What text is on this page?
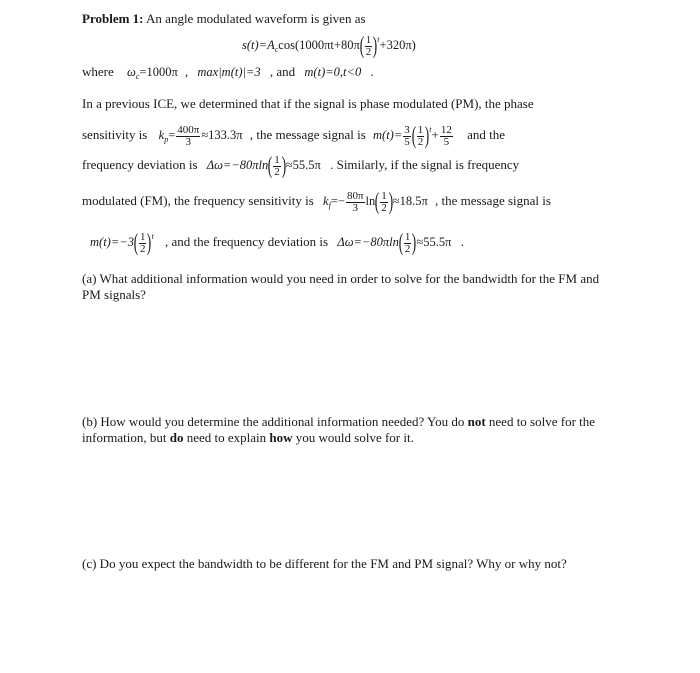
Problem 1: An angle modulated waveform is given as
$s(t)=A_c\cos(1000\pi t+80\pi( \frac{1}{2} )^t+320\pi)$
where $\omega_c=1000\pi$ , max|m(t)|=3 , and m(t)=0,t<0 .
In a previous ICE, we determined that if the signal is phase modulated (PM), the phase
sensitivity is $k_p= \frac{400\pi}{3} \approx 133.3\pi$ , the message signal is $m(t)= \frac{3}{5}$ ( $\frac{1}{2} )^t+ \frac{12}{5}$ and the
frequency deviation is $\Delta\omega=-80\pi\ln( \frac{1}{2} )\approx 55.5\pi$ . Similarly, if the signal is frequency
modulated (FM), the frequency sensitivity is $k_f=- \frac{80\pi}{3} \ln( \frac{1}{2} )\approx 18.5\pi$ , the message signal is
$m(t)=-3( \frac{1}{2} )^t$ , and the frequency deviation is $\Delta\omega=-80\pi\ln( \frac{1}{2} )\approx 55.5\pi$ .
(a) What additional information would you need in order to solve for the bandwidth for the FM and PM signals?
(b) How would you determine the additional information needed? You do not need to solve for the information, but do need to explain how you would solve for it.
(c) Do you expect the bandwidth to be different for the FM and PM signal? Why or why not?
